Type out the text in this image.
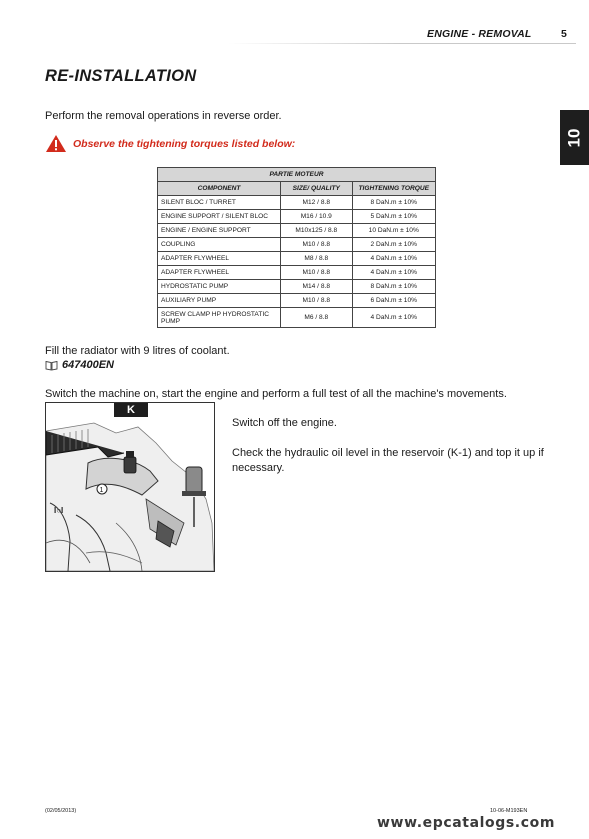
ENGINE - REMOVAL	5
10
RE-INSTALLATION
Perform the removal operations in reverse order.
Observe the tightening torques listed below:
PARTIE MOTEUR		
COMPONENT	SIZE/ QUALITY	TIGHTENING TORQUE
SILENT BLOC / TURRET	M12 / 8.8	8 DaN.m ± 10%
ENGINE SUPPORT / SILENT BLOC	M16 / 10.9	5 DaN.m ± 10%
ENGINE / ENGINE SUPPORT	M10x125 / 8.8	10 DaN.m ± 10%
COUPLING	M10 / 8.8	2 DaN.m ± 10%
ADAPTER FLYWHEEL	M8 / 8.8	4 DaN.m ± 10%
ADAPTER FLYWHEEL	M10 / 8.8	4 DaN.m ± 10%
HYDROSTATIC PUMP	M14 / 8.8	8 DaN.m ± 10%
AUXILIARY PUMP	M10 / 8.8	6 DaN.m ± 10%
SCREW CLAMP HP HYDROSTATIC PUMP	M6 / 8.8	4 DaN.m ± 10%
Fill the radiator with 9 litres of coolant.
647400EN
Switch the machine on, start the engine and perform a full test of all the machine's movements.
1
I○I
K
Switch off the engine.
Check the hydraulic oil level in the reservoir (K-1) and top it up if necessary.
(02/05/2013)	10-06-M193EN
www.epcatalogs.com
